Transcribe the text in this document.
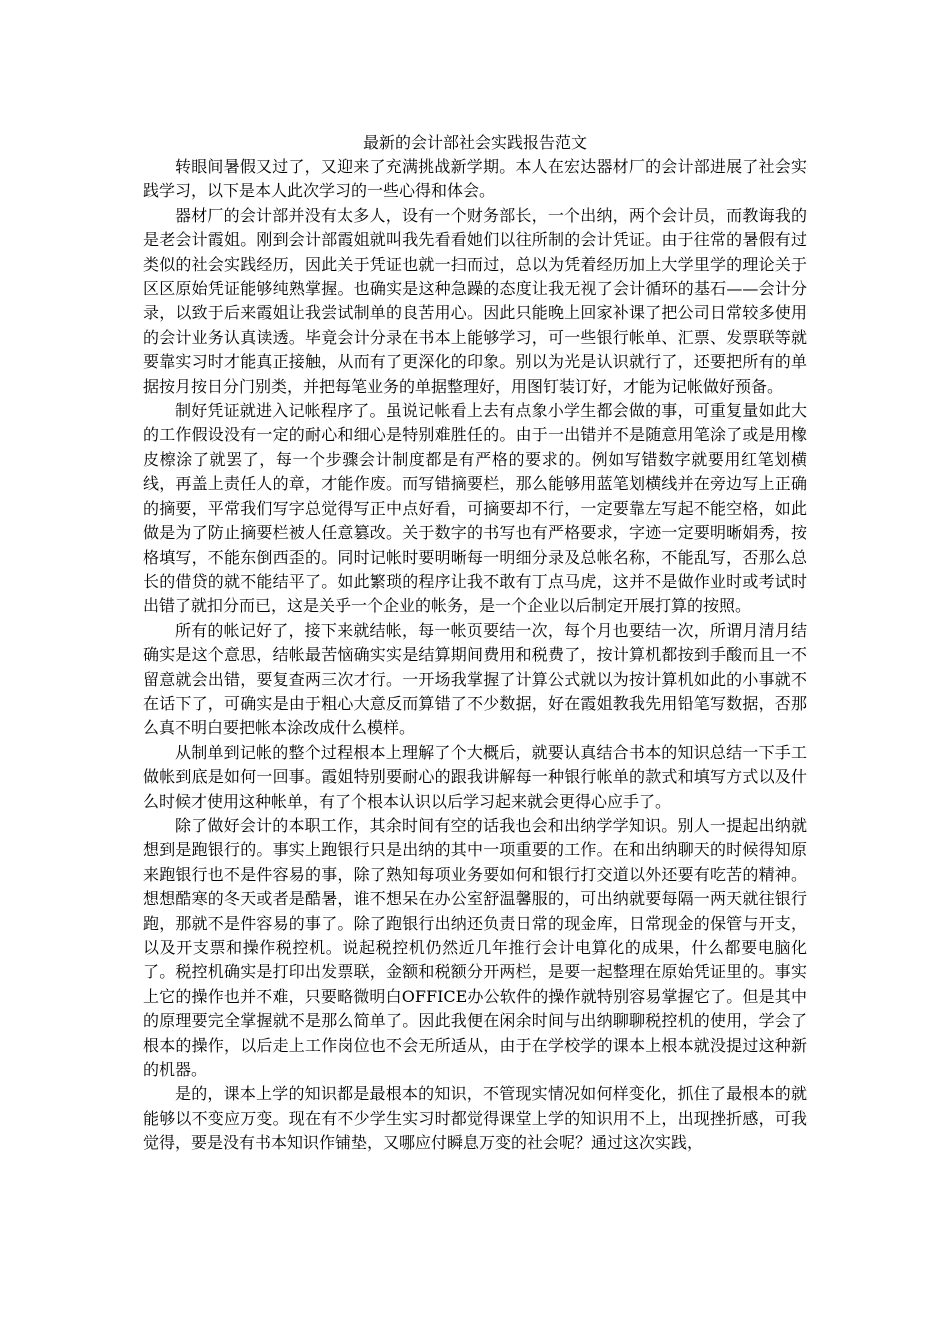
最新的会计部社会实践报告范文

转眼间暑假又过了，又迎来了充满挑战新学期。本人在宏达器材厂的会计部进展了社会实践学习，以下是本人此次学习的一些心得和体会。

器材厂的会计部并没有太多人，设有一个财务部长，一个出纳，两个会计员，而教诲我的是老会计霞姐。刚到会计部霞姐就叫我先看看她们以往所制的会计凭证。由于往常的暑假有过类似的社会实践经历，因此关于凭证也就一扫而过，总以为凭着经历加上大学里学的理论关于区区原始凭证能够纯熟掌握。也确实是这种急躁的态度让我无视了会计循环的基石——会计分录，以致于后来霞姐让我尝试制单的良苦用心。因此只能晚上回家补课了把公司日常较多使用的会计业务认真读透。毕竟会计分录在书本上能够学习，可一些银行帐单、汇票、发票联等就要靠实习时才能真正接触，从而有了更深化的印象。别以为光是认识就行了，还要把所有的单据按月按日分门别类，并把每笔业务的单据整理好，用图钉装订好，才能为记帐做好预备。

制好凭证就进入记帐程序了。虽说记帐看上去有点象小学生都会做的事，可重复量如此大的工作假设没有一定的耐心和细心是特别难胜任的。由于一出错并不是随意用笔涂了或是用橡皮檫涂了就罢了，每一个步骤会计制度都是有严格的要求的。例如写错数字就要用红笔划横线，再盖上责任人的章，才能作废。而写错摘要栏，那么能够用蓝笔划横线并在旁边写上正确的摘要，平常我们写字总觉得写正中点好看，可摘要却不行，一定要靠左写起不能空格，如此做是为了防止摘要栏被人任意篡改。关于数字的书写也有严格要求，字迹一定要明晰娟秀，按格填写，不能东倒西歪的。同时记帐时要明晰每一明细分录及总帐名称，不能乱写，否那么总长的借贷的就不能结平了。如此繁琐的程序让我不敢有丁点马虎，这并不是做作业时或考试时出错了就扣分而已，这是关乎一个企业的帐务，是一个企业以后制定开展打算的按照。

所有的帐记好了，接下来就结帐，每一帐页要结一次，每个月也要结一次，所谓月清月结确实是这个意思，结帐最苦恼确实实是结算期间费用和税费了，按计算机都按到手酸而且一不留意就会出错，要复查两三次才行。一开场我掌握了计算公式就以为按计算机如此的小事就不在话下了，可确实是由于粗心大意反而算错了不少数据，好在霞姐教我先用铅笔写数据，否那么真不明白要把帐本涂改成什么模样。

从制单到记帐的整个过程根本上理解了个大概后，就要认真结合书本的知识总结一下手工做帐到底是如何一回事。霞姐特别要耐心的跟我讲解每一种银行帐单的款式和填写方式以及什么时候才使用这种帐单，有了个根本认识以后学习起来就会更得心应手了。

除了做好会计的本职工作，其余时间有空的话我也会和出纳学学知识。别人一提起出纳就想到是跑银行的。事实上跑银行只是出纳的其中一项重要的工作。在和出纳聊天的时候得知原来跑银行也不是件容易的事，除了熟知每项业务要如何和银行打交道以外还要有吃苦的精神。想想酷寒的冬天或者是酷暑，谁不想呆在办公室舒温馨服的，可出纳就要每隔一两天就往银行跑，那就不是件容易的事了。除了跑银行出纳还负责日常的现金库，日常现金的保管与开支，以及开支票和操作税控机。说起税控机仍然近几年推行会计电算化的成果，什么都要电脑化了。税控机确实是打印出发票联，金额和税额分开两栏，是要一起整理在原始凭证里的。事实上它的操作也并不难，只要略微明白OFFICE办公软件的操作就特别容易掌握它了。但是其中的原理要完全掌握就不是那么简单了。因此我便在闲余时间与出纳聊聊税控机的使用，学会了根本的操作，以后走上工作岗位也不会无所适从，由于在学校学的课本上根本就没提过这种新的机器。

是的，课本上学的知识都是最根本的知识，不管现实情况如何样变化，抓住了最根本的就能够以不变应万变。现在有不少学生实习时都觉得课堂上学的知识用不上，出现挫折感，可我觉得，要是没有书本知识作铺垫，又哪应付瞬息万变的社会呢？通过这次实践，
